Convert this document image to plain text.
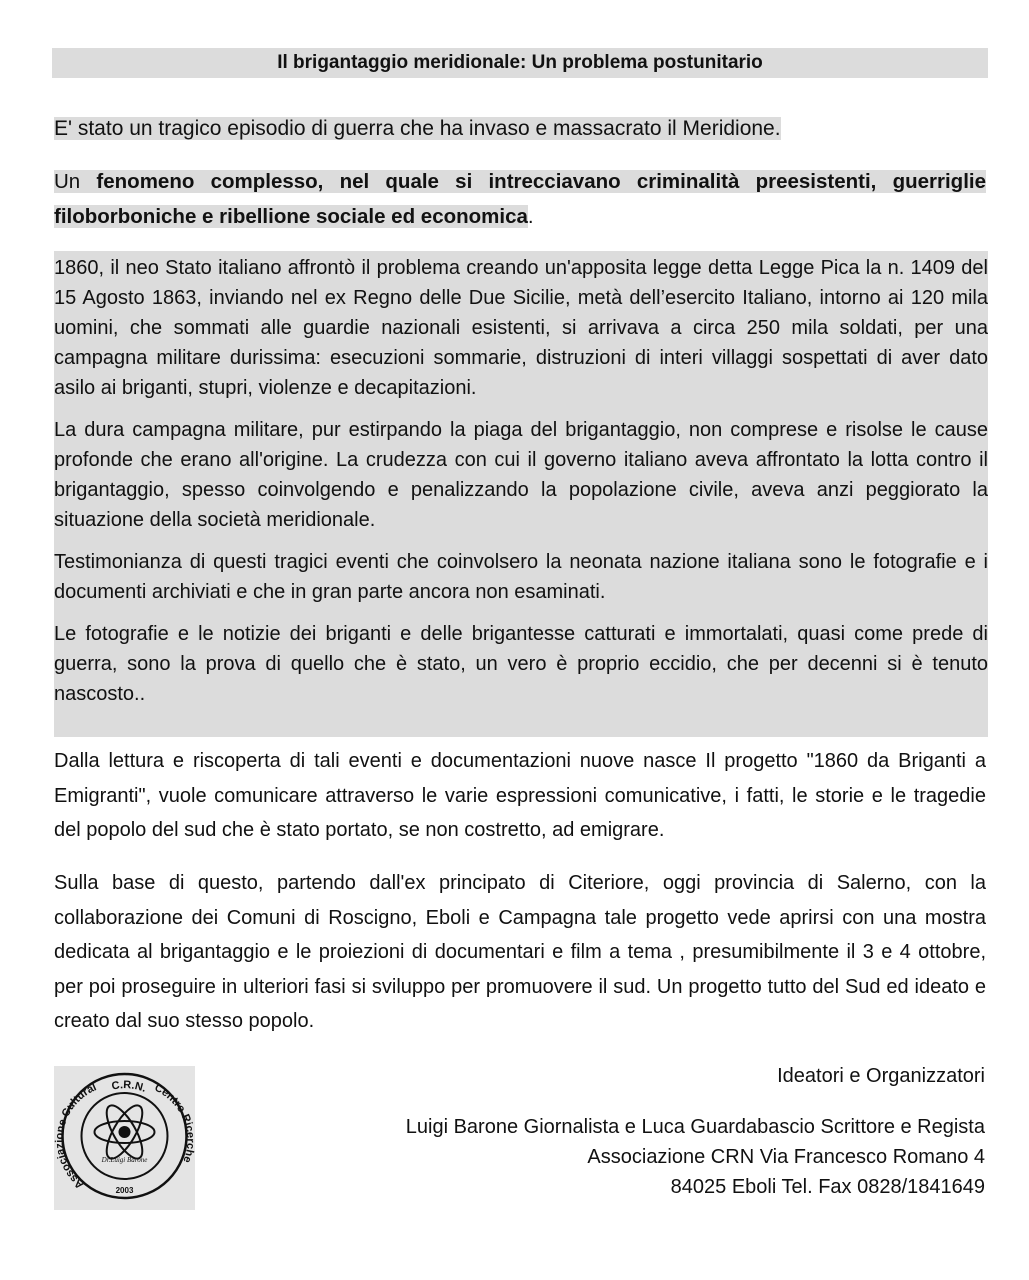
Il brigantaggio meridionale: Un problema postunitario

E' stato un tragico episodio di guerra che ha invaso e massacrato il Meridione.

Un fenomeno complesso, nel quale si intrecciavano criminalità preesistenti, guerriglie filoborboniche e ribellione sociale ed economica.

1860, il neo Stato italiano affrontò il problema creando un'apposita legge detta Legge Pica la n. 1409 del 15 Agosto 1863, inviando nel ex Regno delle Due Sicilie, metà dell’esercito Italiano, intorno ai 120 mila uomini, che sommati alle guardie nazionali esistenti, si arrivava a circa 250 mila soldati, per una campagna militare durissima: esecuzioni sommarie, distruzioni di interi villaggi sospettati di aver dato asilo ai briganti, stupri, violenze e decapitazioni.

La dura campagna militare, pur estirpando la piaga del brigantaggio, non comprese e risolse le cause profonde che erano all'origine. La crudezza con cui il governo italiano aveva affrontato la lotta contro il brigantaggio, spesso coinvolgendo e penalizzando la popolazione civile, aveva anzi peggiorato la situazione della società meridionale.

Testimonianza di questi tragici eventi che coinvolsero la neonata nazione italiana sono le fotografie e i documenti archiviati e che in gran parte ancora non esaminati.

Le fotografie e le notizie dei briganti e delle brigantesse catturati e immortalati, quasi come prede di guerra, sono la prova di quello che è stato, un vero è proprio eccidio, che per decenni si è tenuto nascosto..

Dalla lettura e riscoperta di tali eventi e documentazioni nuove nasce Il progetto "1860 da Briganti a Emigranti", vuole comunicare attraverso le varie espressioni comunicative, i fatti, le storie e le tragedie del popolo del sud che è stato portato, se non costretto, ad emigrare.

Sulla base di questo, partendo dall'ex principato di Citeriore, oggi provincia di Salerno, con la collaborazione dei Comuni di Roscigno, Eboli e Campagna tale progetto vede aprirsi con una mostra dedicata al brigantaggio e le proiezioni di documentari e film a tema , presumibilmente il 3 e 4 ottobre, per poi proseguire in ulteriori fasi si sviluppo per promuovere il sud. Un progetto tutto del Sud ed ideato e creato dal suo stesso popolo.

Associazione Cultural C.R.N. Centro Ric he
Dr.Luigi Barone
2003

Ideatori e Organizzatori

Luigi Barone Giornalista e Luca Guardabascio Scrittore e Regista
Associazione CRN Via Francesco Romano 4
84025 Eboli Tel. Fax 0828/1841649
